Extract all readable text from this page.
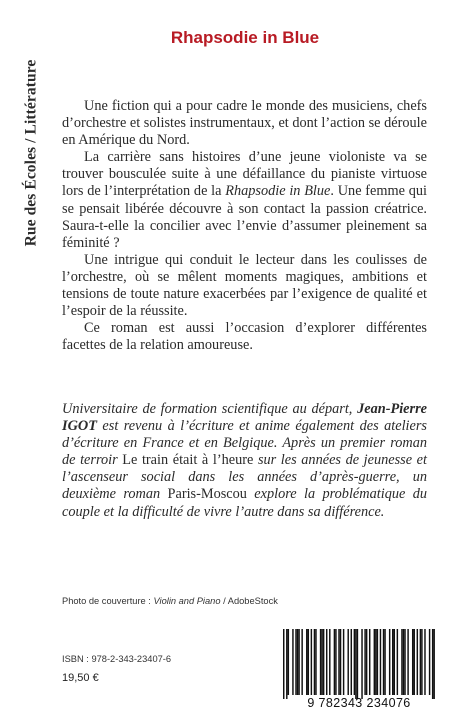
Rue des Écoles / Littérature
Rhapsodie in Blue

Une fiction qui a pour cadre le monde des musiciens, chefs d’orchestre et solistes instrumentaux, et dont l’action se déroule en Amérique du Nord.

La carrière sans histoires d’une jeune violoniste va se trouver bousculée suite à une défaillance du pianiste virtuose lors de l’interprétation de la Rhapsodie in Blue. Une femme qui se pensait libérée découvre à son contact la passion créatrice. Saura-t-elle la concilier avec l’envie d’assumer pleinement sa féminité ?

Une intrigue qui conduit le lecteur dans les coulisses de l’orchestre, où se mêlent moments magiques, ambitions et tensions de toute nature exacerbées par l’exigence de qualité et l’espoir de la réussite.

Ce roman est aussi l’occasion d’explorer différentes facettes de la relation amoureuse.

Universitaire de formation scientifique au départ, Jean-Pierre IGOT est revenu à l’écriture et anime également des ateliers d’écriture en France et en Belgique. Après un premier roman de terroir Le train était à l’heure sur les années de jeunesse et l’ascenseur social dans les années d’après-guerre, un deuxième roman Paris-Moscou explore la problématique du couple et la difficulté de vivre l’autre dans sa différence.

Photo de couverture : Violin and Piano / AdobeStock
ISBN : 978-2-343-23407-6
19,50 €
9 782343 234076
